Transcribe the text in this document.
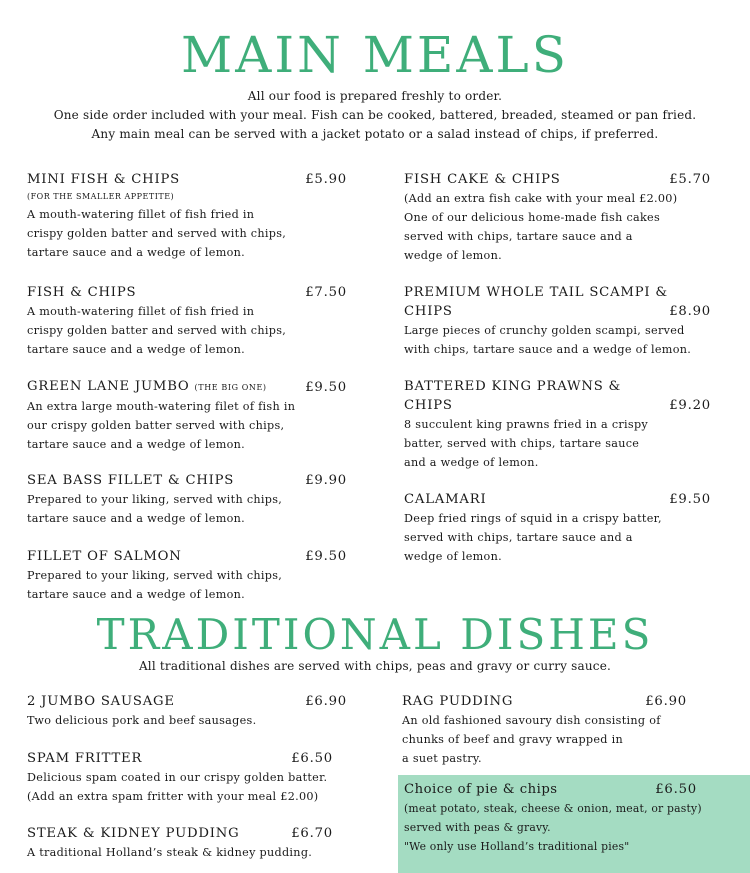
MAIN MEALS
All our food is prepared freshly to order.
One side order included with your meal. Fish can be cooked, battered, breaded, steamed or pan fried.
Any main meal can be served with a jacket potato or a salad instead of chips, if preferred.
MINI FISH & CHIPS	£5.90
(FOR THE SMALLER APPETITE)
A mouth-watering fillet of fish fried in
crispy golden batter and served with chips,
tartare sauce and a wedge of lemon.
FISH & CHIPS	£7.50
A mouth-watering fillet of fish fried in
crispy golden batter and served with chips,
tartare sauce and a wedge of lemon.
GREEN LANE JUMBO (THE BIG ONE)	£9.50
An extra large mouth-watering filet of fish in
our crispy golden batter served with chips,
tartare sauce and a wedge of lemon.
SEA BASS FILLET & CHIPS	£9.90
Prepared to your liking, served with chips,
tartare sauce and a wedge of lemon.
FILLET OF SALMON	£9.50
Prepared to your liking, served with chips,
tartare sauce and a wedge of lemon.
FISH CAKE & CHIPS	£5.70
(Add an extra fish cake with your meal £2.00)
One of our delicious home-made fish cakes
served with chips, tartare sauce and a
wedge of lemon.
PREMIUM WHOLE TAIL SCAMPI &
CHIPS	£8.90
Large pieces of crunchy golden scampi, served
with chips, tartare sauce and a wedge of lemon.
BATTERED KING PRAWNS &
CHIPS	£9.20
8 succulent king prawns fried in a crispy
batter, served with chips, tartare sauce
and a wedge of lemon.
CALAMARI	£9.50
Deep fried rings of squid in a crispy batter,
served with chips, tartare sauce and a
wedge of lemon.
TRADITIONAL DISHES
All traditional dishes are served with chips, peas and gravy or curry sauce.
2 JUMBO SAUSAGE	£6.90
Two delicious pork and beef sausages.
SPAM FRITTER	£6.50
Delicious spam coated in our crispy golden batter.
(Add an extra spam fritter with your meal £2.00)
STEAK & KIDNEY PUDDING	£6.70
A traditional Holland’s steak & kidney pudding.
RAG PUDDING	£6.90
An old fashioned savoury dish consisting of
chunks of beef and gravy wrapped in
a suet pastry.
Choice of pie & chips	£6.50
(meat potato, steak, cheese & onion, meat, or pasty)
served with peas & gravy.
"We only use Holland’s traditional pies"
